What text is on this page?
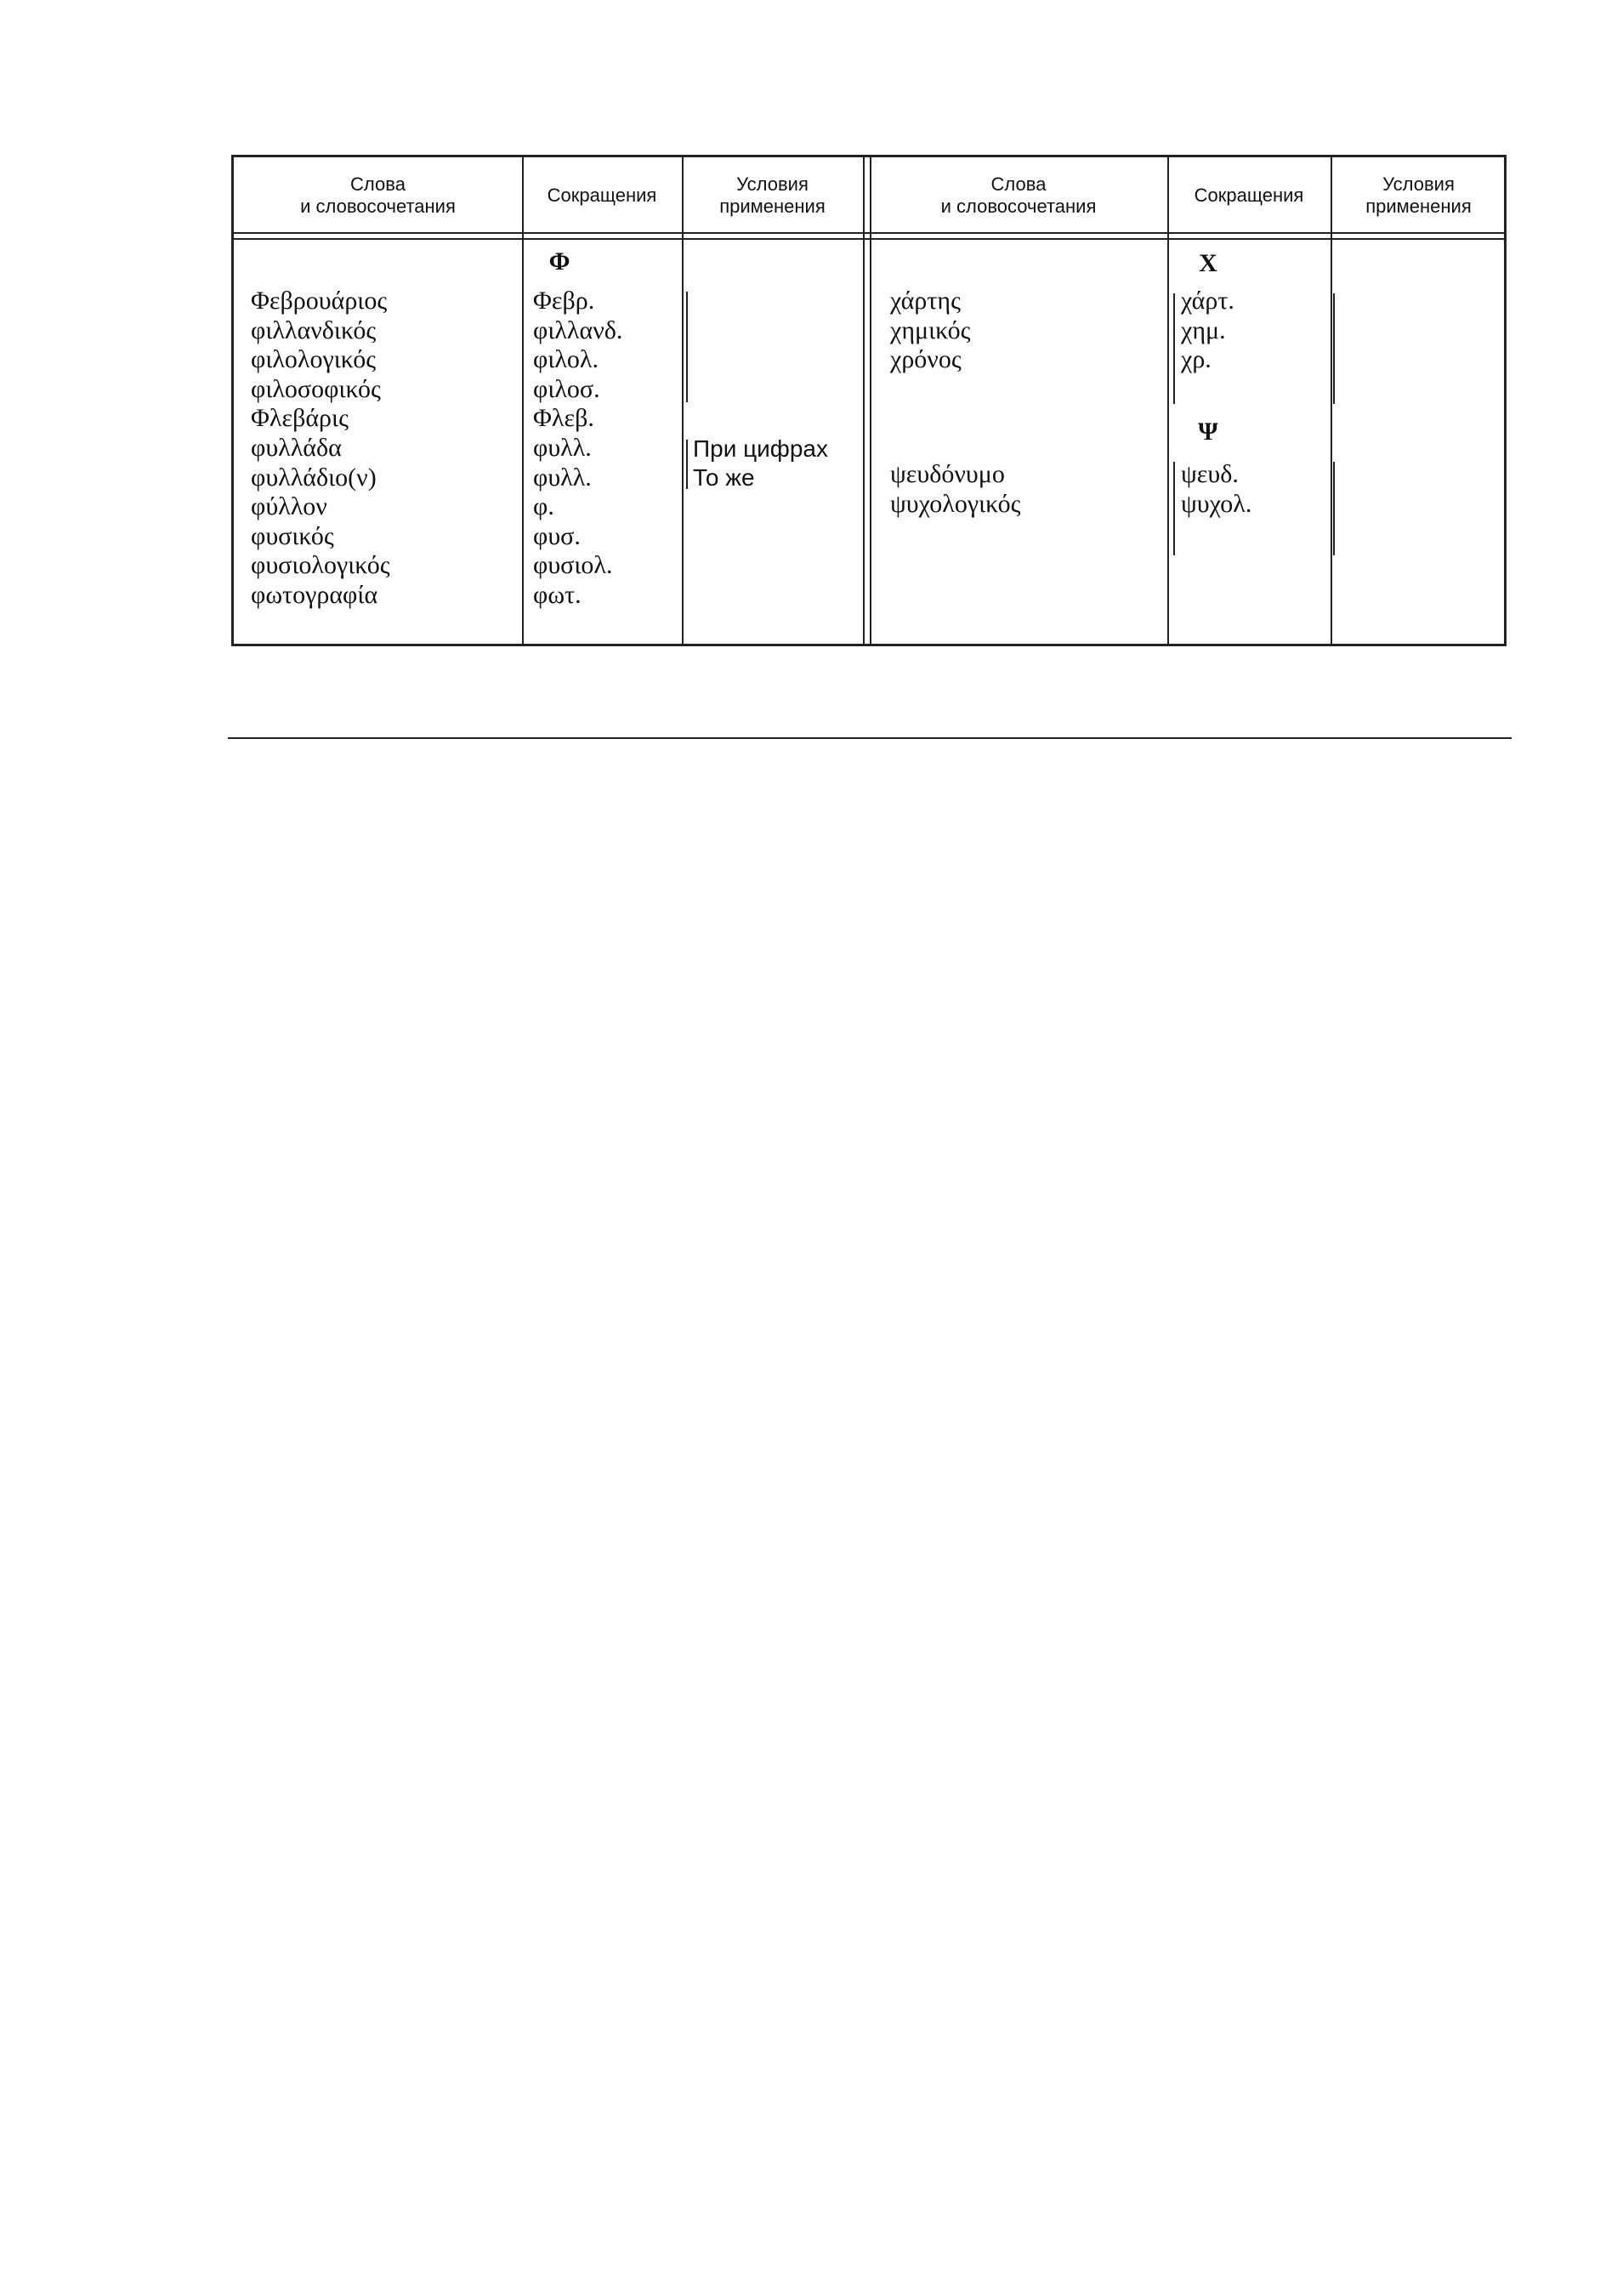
Слова
и словосочетания
Сокращения
Условия
применения
Слова
и словосочетания
Сокращения
Условия
применения
Φ
Φεβρουάριος
φιλλανδικός
φιλολογικός
φιλοσοφικός
Φλεβάρις
φυλλάδα
φυλλάδιο(ν)
φύλλον
φυσικός
φυσιολογικός
φωτογραφία
Φεβρ.
φιλλανδ.
φιλολ.
φιλοσ.
Φλεβ.
φυλλ.
φυλλ.
φ.
φυσ.
φυσιολ.
φωτ.
При цифрах
То же
X
χάρτης
χημικός
χρόνος
χάρτ.
χημ.
χρ.
Ψ
ψευδόνυμο
ψυχολογικός
ψευδ.
ψυχολ.
